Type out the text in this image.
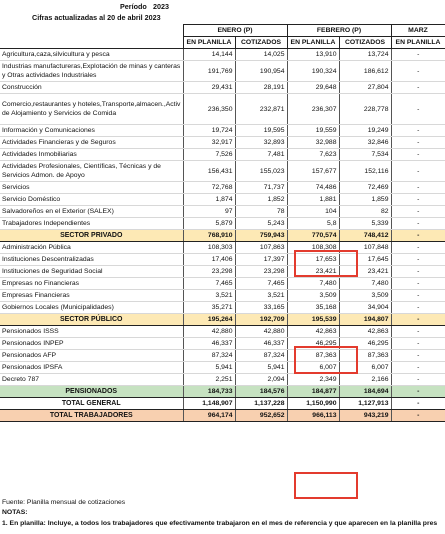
Período 2023
Cifras actualizadas al 20 de abril 2023
	ENERO (P)		FEBRERO (P)		MARZ
	EN PLANILLA	COTIZADOS	EN PLANILLA	COTIZADOS	EN PLANILLA
Agricultura,caza,silvicultura y pesca	14,144	14,025	13,910	13,724	-
Industrias manufactureras,Explotación de minas y canteras y Otras actividades Industriales	191,769	190,954	190,324	186,612	-
Construcción	29,431	28,191	29,648	27,804	-
Comercio,restaurantes y hoteles,Transporte,almacen.,Activ de Alojamiento y Servicios de Comida	236,350	232,871	236,307	228,778	-
Información y Comunicaciones	19,724	19,595	19,559	19,249	-
Actividades Financieras y de Seguros	32,917	32,893	32,988	32,846	-
Actividades Inmobiliarias	7,526	7,481	7,623	7,534	-
Actividades Profesionales, Científicas, Técnicas y de Servicios Admon. de Apoyo	156,431	155,023	157,677	152,116	-
Servicios	72,768	71,737	74,486	72,469	-
Servicio Doméstico	1,874	1,852	1,881	1,859	-
Salvadoreños en el Exterior (SALEX)	97	78	104	82	-
Trabajadores Independientes	5,879	5,243	5,8	5,339	-
SECTOR PRIVADO	768,910	759,943	770,574	748,412	-
Administración Pública	108,303	107,863	108,308	107,848	-
Instituciones Descentralizadas	17,406	17,397	17,653	17,645	-
Instituciones de Seguridad Social	23,298	23,298	23,421	23,421	-
Empresas no Financieras	7,465	7,465	7,480	7,480	-
Empresas Financieras	3,521	3,521	3,509	3,509	-
Gobiernos Locales (Municipalidades)	35,271	33,165	35,168	34,904	-
SECTOR PÚBLICO	195,264	192,709	195,539	194,807	-
Pensionados ISSS	42,880	42,880	42,863	42,863	-
Pensionados INPEP	46,337	46,337	46,295	46,295	-
Pensionados AFP	87,324	87,324	87,363	87,363	-
Pensionados IPSFA	5,941	5,941	6,007	6,007	-
Decreto 787	2,251	2,094	2,349	2,166	-
PENSIONADOS	184,733	184,576	184,877	184,694	-
TOTAL GENERAL	1,148,907	1,137,228	1,150,990	1,127,913	-
TOTAL TRABAJADORES	964,174	952,652	966,113	943,219	-
Fuente: Planilla mensual de cotizaciones
NOTAS:
1. En planilla: Incluye, a todos los trabajadores que efectivamente trabajaron en el mes de referencia y que aparecen en la planilla pres
